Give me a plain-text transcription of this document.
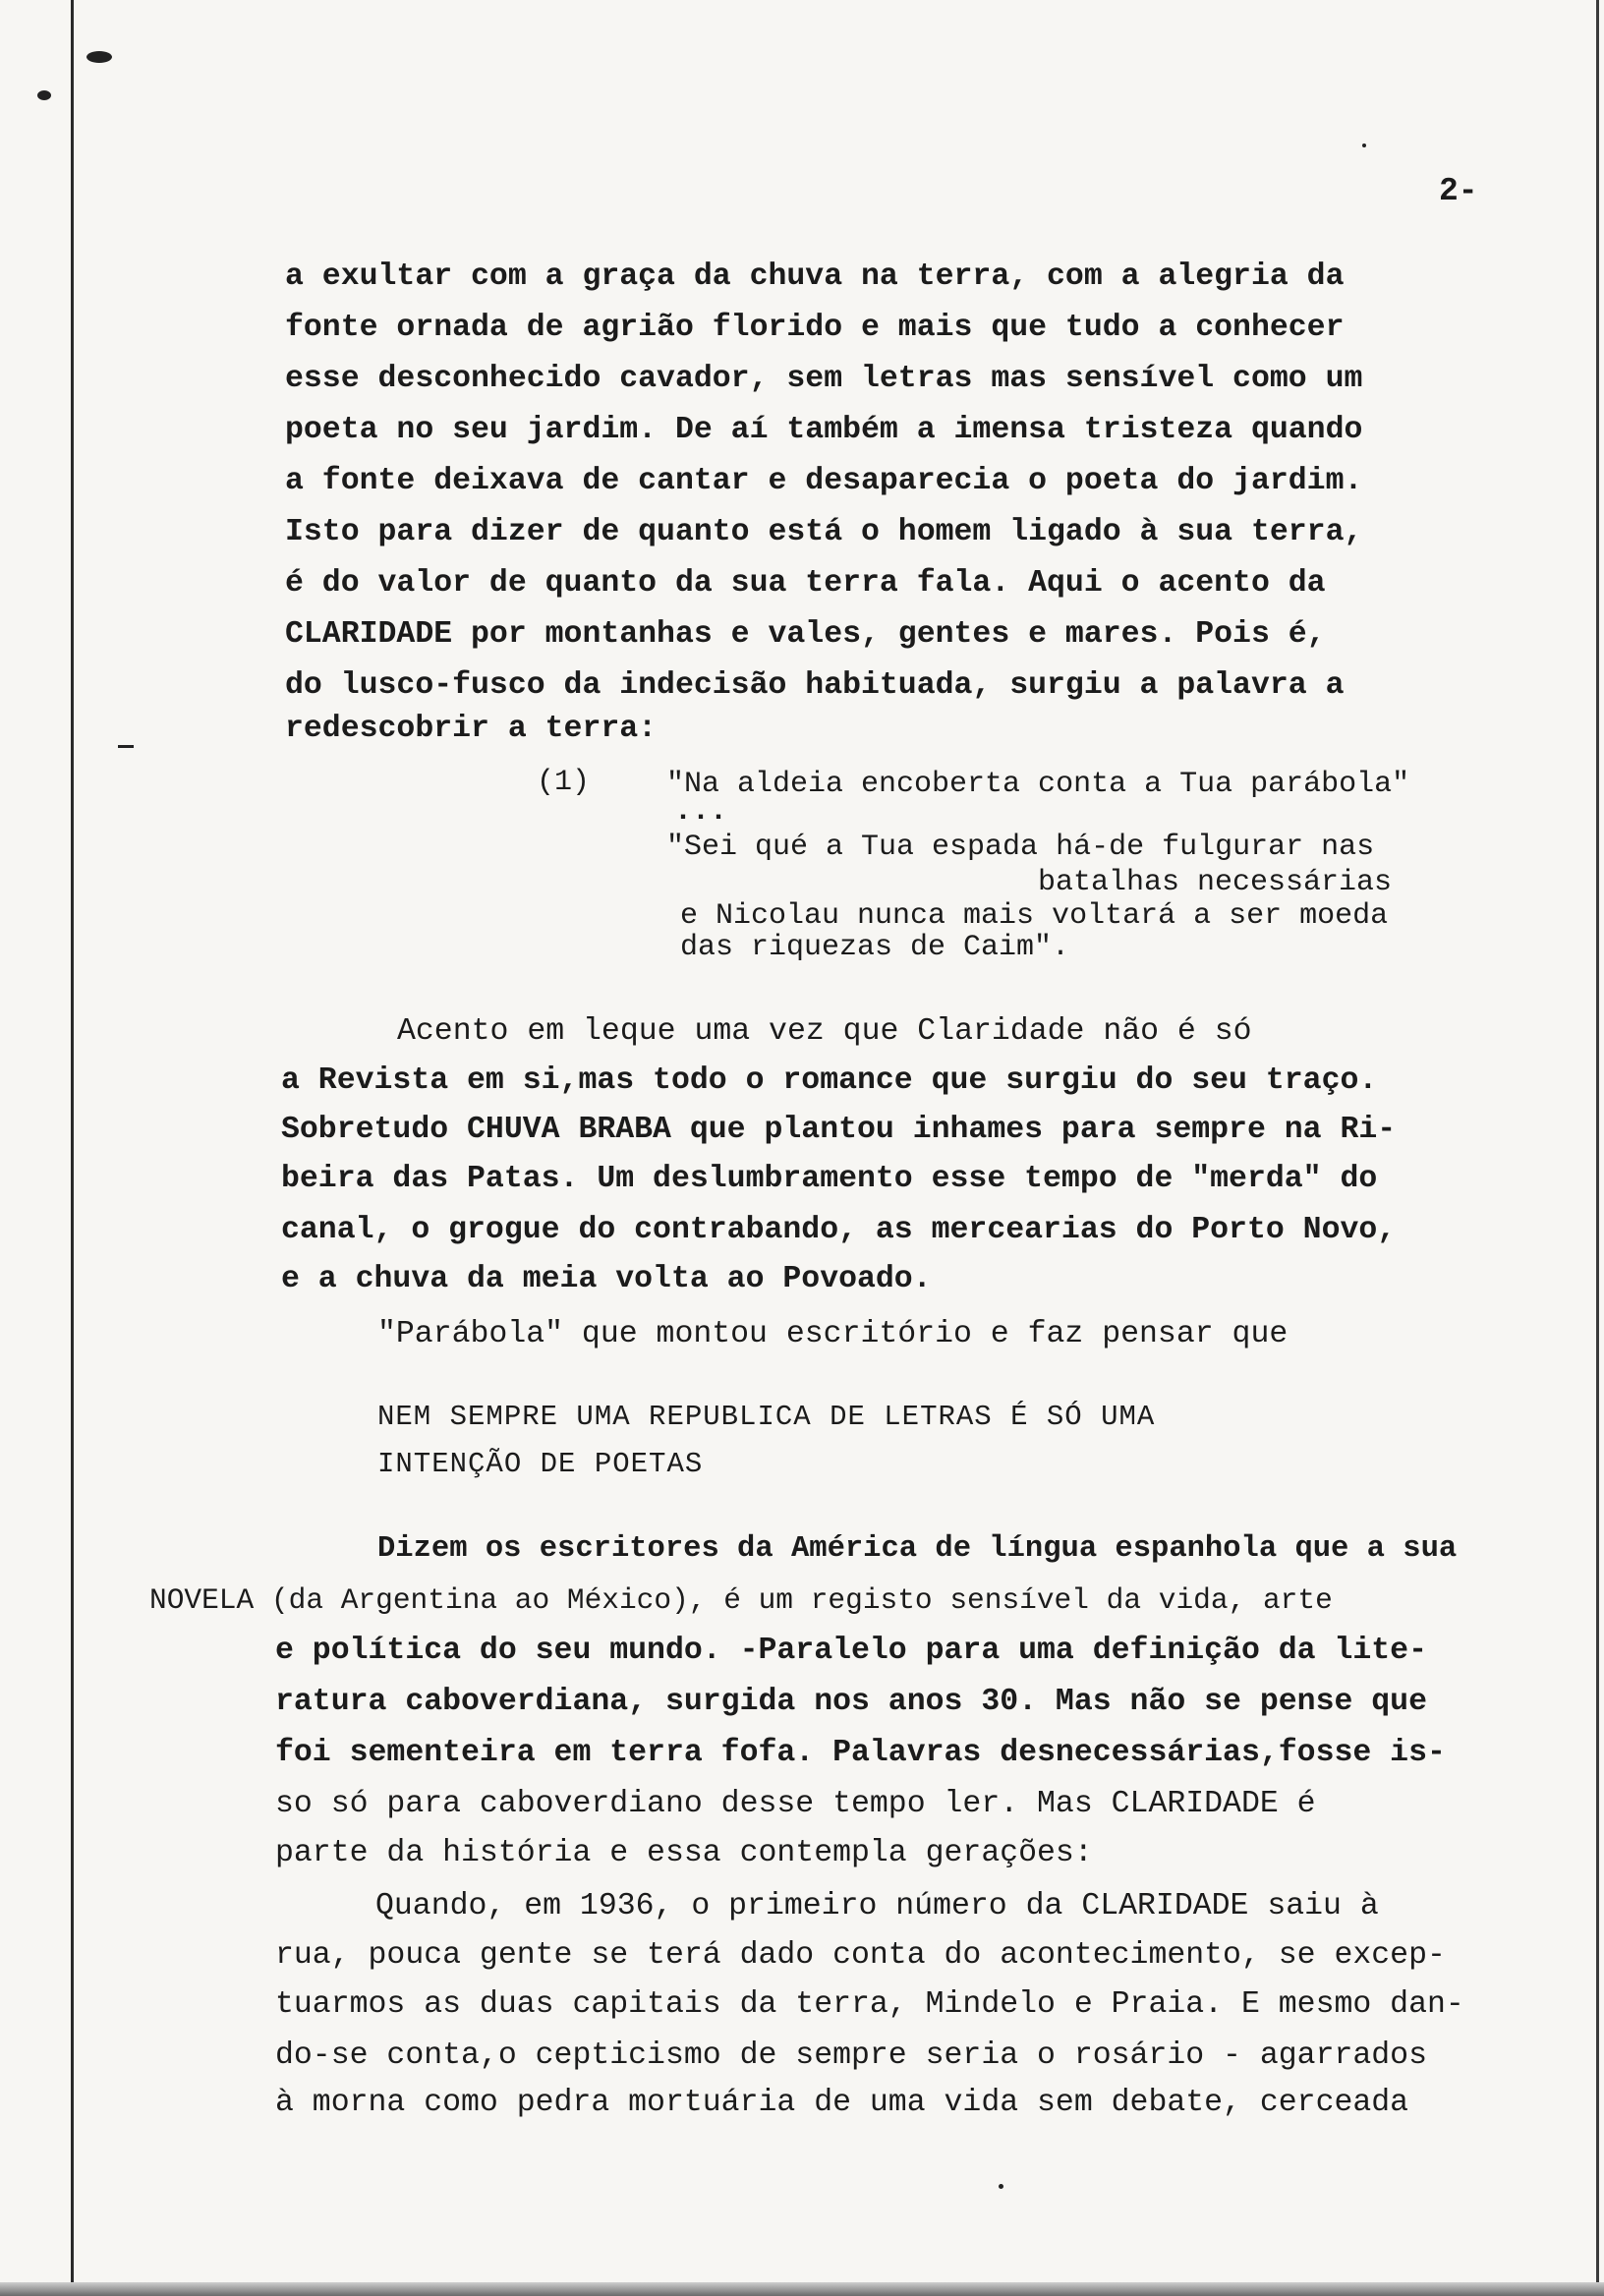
2-
a exultar com a graça da chuva na terra, com a alegria da
fonte ornada de agrião florido e mais que tudo a conhecer
esse desconhecido cavador, sem letras mas sensível como um
poeta no seu jardim. De aí também a imensa tristeza quando
a fonte deixava de cantar e desaparecia o poeta do jardim.
Isto para dizer de quanto está o homem ligado à sua terra,
é do valor de quanto da sua terra fala. Aqui o acento da
CLARIDADE por montanhas e vales, gentes e mares. Pois é,
do lusco-fusco da indecisão habituada, surgiu a palavra a
redescobrir a terra:
(1)	"Na aldeia encoberta conta a Tua parábola"
...
"Sei qué a Tua espada há-de fulgurar nas
batalhas necessárias
e Nicolau nunca mais voltará a ser moeda
das riquezas de Caim".
Acento em leque uma vez que Claridade não é só
a Revista em si,mas todo o romance que surgiu do seu traço.
Sobretudo CHUVA BRABA que plantou inhames para sempre na Ri-
beira das Patas. Um deslumbramento esse tempo de "merda" do
canal, o grogue do contrabando, as mercearias do Porto Novo,
e a chuva da meia volta ao Povoado.
"Parábola" que montou escritório e faz pensar que
NEM SEMPRE UMA REPUBLICA DE LETRAS É SÓ UMA
INTENÇÃO DE POETAS
Dizem os escritores da América de língua espanhola que a sua
NOVELA (da Argentina ao México), é um registo sensível da vida, arte
e política do seu mundo. -Paralelo para uma definição da lite-
ratura caboverdiana, surgida nos anos 30. Mas não se pense que
foi sementeira em terra fofa. Palavras desnecessárias,fosse is-
so só para caboverdiano desse tempo ler. Mas CLARIDADE é
parte da história e essa contempla gerações:
Quando, em 1936, o primeiro número da CLARIDADE saiu à
rua, pouca gente se terá dado conta do acontecimento, se excep-
tuarmos as duas capitais da terra, Mindelo e Praia. E mesmo dan-
do-se conta,o cepticismo de sempre seria o rosário - agarrados
à morna como pedra mortuária de uma vida sem debate, cerceada
